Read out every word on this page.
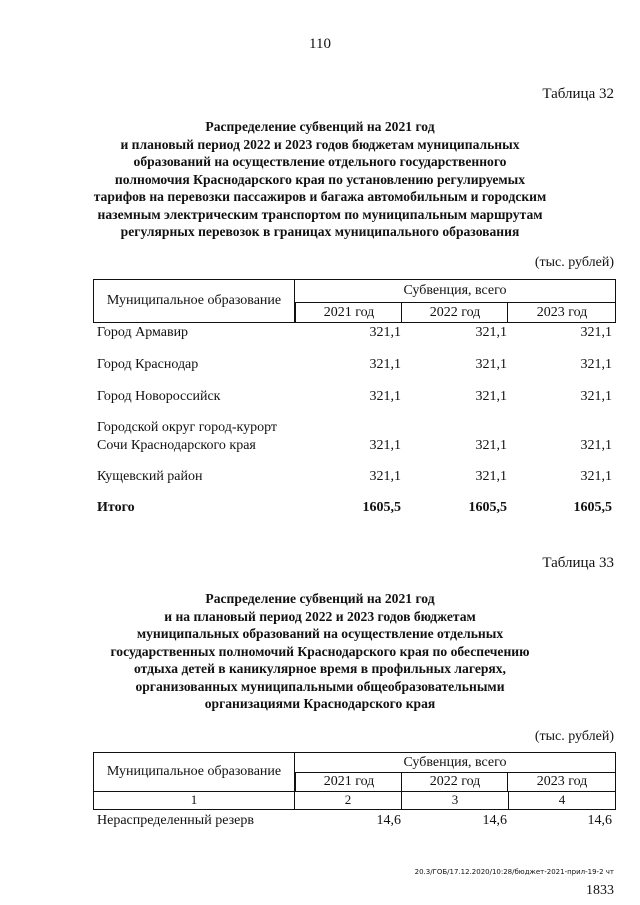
110
Таблица 32
Распределение субвенций на 2021 год
и плановый период 2022 и 2023 годов бюджетам муниципальных
образований на осуществление отдельного государственного
полномочия Краснодарского края по установлению регулируемых
тарифов на перевозки пассажиров и багажа автомобильным и городским
наземным электрическим транспортом по муниципальным маршрутам
регулярных перевозок в границах муниципального образования
(тыс. рублей)
Муниципальное образование
Субвенция, всего
2021 год	2022 год	2023 год
Город Армавир	321,1	321,1	321,1
Город Краснодар	321,1	321,1	321,1
Город Новороссийск	321,1	321,1	321,1
Городской округ город-курорт
Сочи Краснодарского края	321,1	321,1	321,1
Кущевский район	321,1	321,1	321,1
Итого	1605,5	1605,5	1605,5
Таблица 33
Распределение субвенций на 2021 год
и на плановый период 2022 и 2023 годов бюджетам
муниципальных образований на осуществление отдельных
государственных полномочий Краснодарского края по обеспечению
отдыха детей в каникулярное время в профильных лагерях,
организованных муниципальными общеобразовательными
организациями Краснодарского края
(тыс. рублей)
Муниципальное образование
Субвенция, всего
2021 год	2022 год	2023 год
1	2	3	4
Нераспределенный резерв	14,6	14,6	14,6
20.3/ГОБ/17.12.2020/10:28/бюджет-2021-прил-19-2 чт
1833
